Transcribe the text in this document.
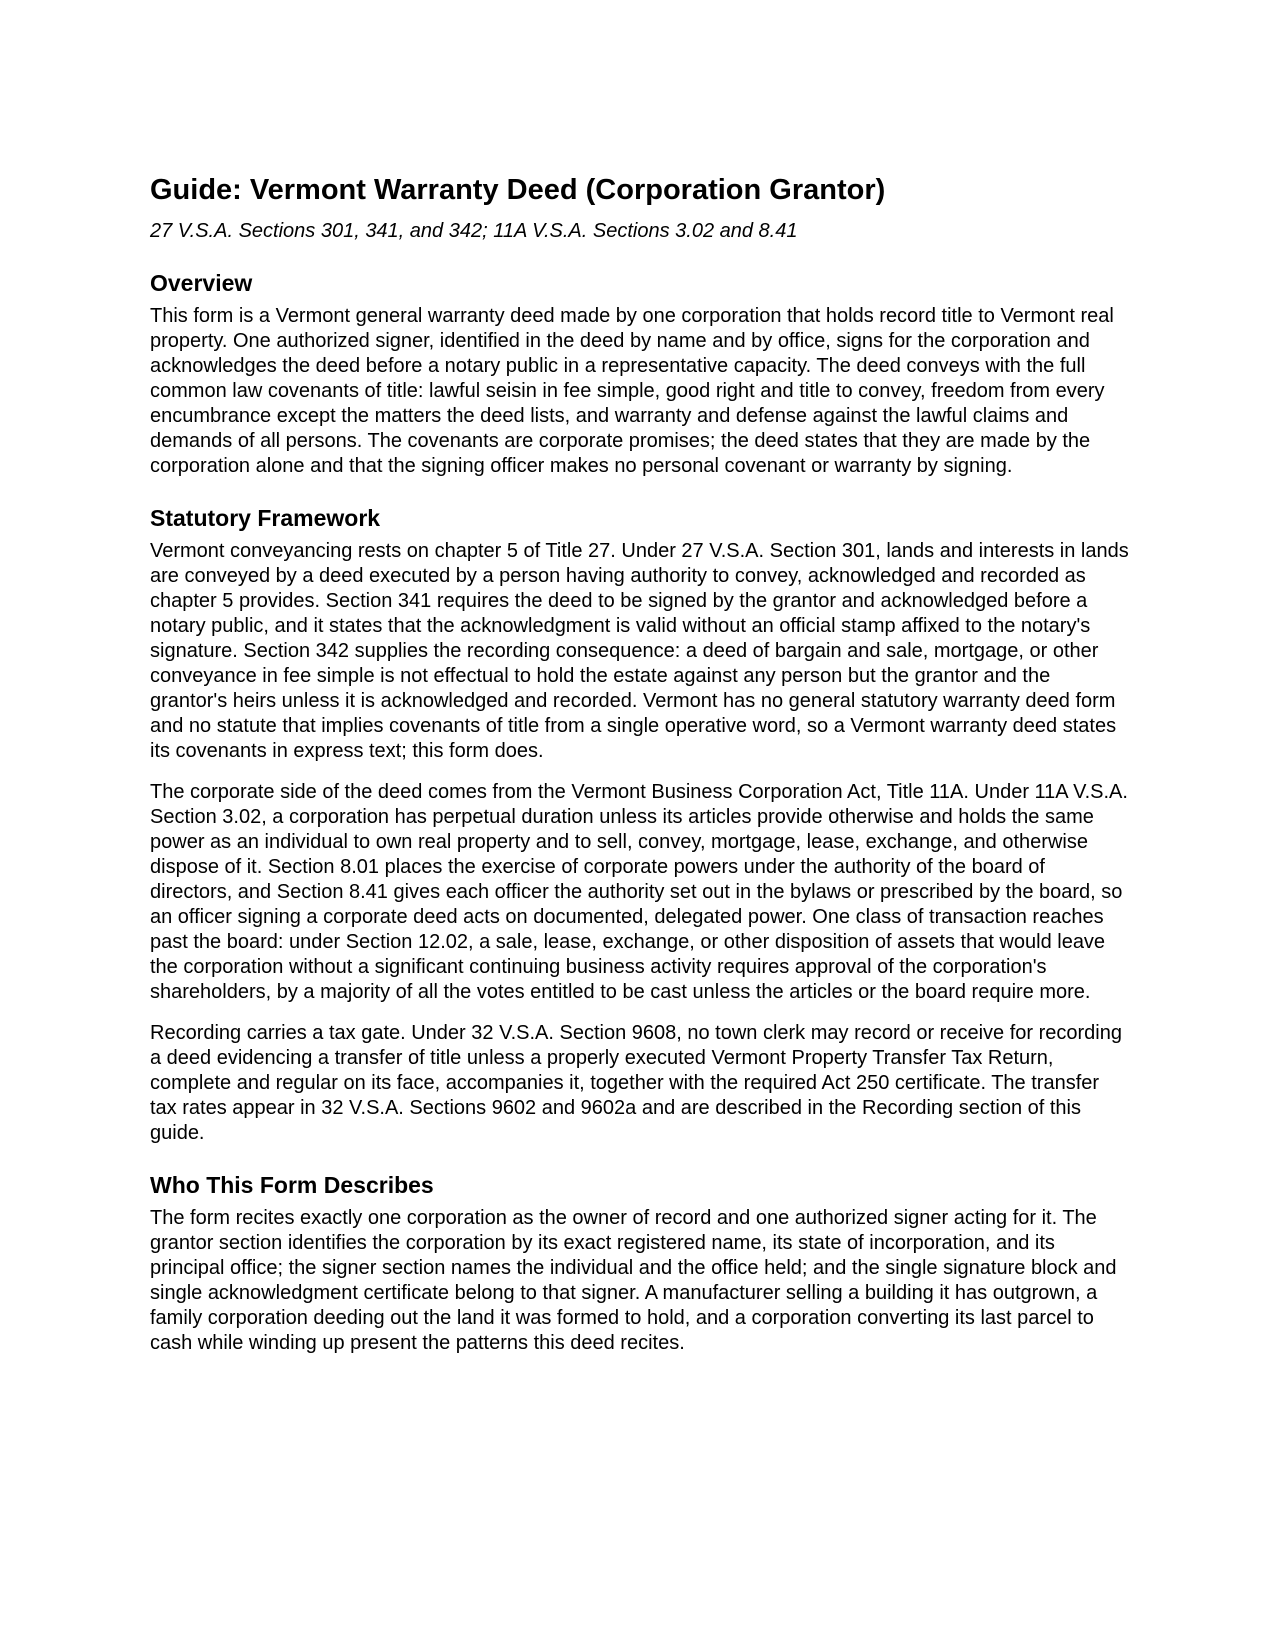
Guide: Vermont Warranty Deed (Corporation Grantor)
27 V.S.A. Sections 301, 341, and 342; 11A V.S.A. Sections 3.02 and 8.41
Overview

This form is a Vermont general warranty deed made by one corporation that holds record title to Vermont real property. One authorized signer, identified in the deed by name and by office, signs for the corporation and acknowledges the deed before a notary public in a representative capacity. The deed conveys with the full common law covenants of title: lawful seisin in fee simple, good right and title to convey, freedom from every encumbrance except the matters the deed lists, and warranty and defense against the lawful claims and demands of all persons. The covenants are corporate promises; the deed states that they are made by the corporation alone and that the signing officer makes no personal covenant or warranty by signing.

Statutory Framework

Vermont conveyancing rests on chapter 5 of Title 27. Under 27 V.S.A. Section 301, lands and interests in lands are conveyed by a deed executed by a person having authority to convey, acknowledged and recorded as chapter 5 provides. Section 341 requires the deed to be signed by the grantor and acknowledged before a notary public, and it states that the acknowledgment is valid without an official stamp affixed to the notary's signature. Section 342 supplies the recording consequence: a deed of bargain and sale, mortgage, or other conveyance in fee simple is not effectual to hold the estate against any person but the grantor and the grantor's heirs unless it is acknowledged and recorded. Vermont has no general statutory warranty deed form and no statute that implies covenants of title from a single operative word, so a Vermont warranty deed states its covenants in express text; this form does.

The corporate side of the deed comes from the Vermont Business Corporation Act, Title 11A. Under 11A V.S.A. Section 3.02, a corporation has perpetual duration unless its articles provide otherwise and holds the same power as an individual to own real property and to sell, convey, mortgage, lease, exchange, and otherwise dispose of it. Section 8.01 places the exercise of corporate powers under the authority of the board of directors, and Section 8.41 gives each officer the authority set out in the bylaws or prescribed by the board, so an officer signing a corporate deed acts on documented, delegated power. One class of transaction reaches past the board: under Section 12.02, a sale, lease, exchange, or other disposition of assets that would leave the corporation without a significant continuing business activity requires approval of the corporation's shareholders, by a majority of all the votes entitled to be cast unless the articles or the board require more.

Recording carries a tax gate. Under 32 V.S.A. Section 9608, no town clerk may record or receive for recording a deed evidencing a transfer of title unless a properly executed Vermont Property Transfer Tax Return, complete and regular on its face, accompanies it, together with the required Act 250 certificate. The transfer tax rates appear in 32 V.S.A. Sections 9602 and 9602a and are described in the Recording section of this guide.

Who This Form Describes

The form recites exactly one corporation as the owner of record and one authorized signer acting for it. The grantor section identifies the corporation by its exact registered name, its state of incorporation, and its principal office; the signer section names the individual and the office held; and the single signature block and single acknowledgment certificate belong to that signer. A manufacturer selling a building it has outgrown, a family corporation deeding out the land it was formed to hold, and a corporation converting its last parcel to cash while winding up present the patterns this deed recites.
